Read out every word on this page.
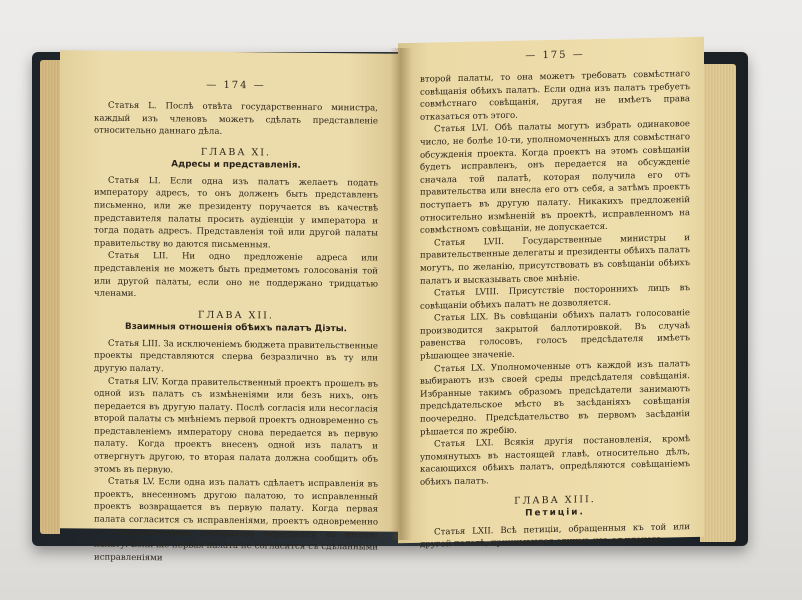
— 174 —

Статья L. Послѣ отвѣта государственнаго министра, каждый изъ членовъ можетъ сдѣлать представленіе относительно даннаго дѣла.

ГЛАВА XI.
Адресы и представленія.

Статья LI. Если одна изъ палатъ желаетъ подать императору адресъ, то онъ долженъ быть представленъ письменно, или же президенту поручается въ качествѣ представителя палаты просить аудіенціи у императора и тогда подать адресъ. Представленія той или другой палаты правительству во даются письменныя.

Статья LII. Ни одно предложеніе адреса или представленія не можетъ быть предметомъ голосованія той или другой палаты, если оно не поддержано тридцатью членами.

ГЛАВА XII.
Взаимныя отношенія обѣихъ палатъ Діэты.

Статья LIII. За исключеніемъ бюджета правительственные проекты представляются сперва безразлично въ ту или другую палату.

Статья LIV. Когда правительственный проектъ прошелъ въ одной изъ палатъ съ измѣненіями или безъ нихъ, онъ передается въ другую палату. Послѣ согласія или несогласія второй палаты съ мнѣніемъ первой проектъ одновременно съ представленіемъ императору снова передается въ первую палату. Когда проектъ внесенъ одной изъ палатъ и отвергнутъ другою, то вторая палата должна сообщить объ этомъ въ первую.

Статья LV. Если одна изъ палатъ сдѣлаетъ исправленія въ проектъ, внесенномъ другою палатою, то исправленный проектъ возвращается въ первую палату. Когда первая палата согласится съ исправленіями, проектъ одновременно съ представленіемъ императору передается во вторую палату. Если же первая палата не согласится съ сдѣланными исправленіями

— 175 —

второй палаты, то она можетъ требовать совмѣстнаго совѣщанія обѣихъ палатъ. Если одна изъ палатъ требуетъ совмѣстнаго совѣщанія, другая не имѣетъ права отказаться отъ этого.

Статья LVI. Обѣ палаты могутъ избрать одинаковое число, не болѣе 10-ти, уполномоченныхъ для совмѣстнаго обсужденія проекта. Когда проектъ на этомъ совѣщаніи будетъ исправленъ, онъ передается на обсужденіе сначала той палатѣ, которая получила его отъ правительства или внесла его отъ себя, а затѣмъ проектъ поступаетъ въ другую палату. Никакихъ предложеній относительно измѣненій въ проектѣ, исправленномъ на совмѣстномъ совѣщаніи, не допускается.

Статья LVII. Государственные министры и правительственные делегаты и президенты обѣихъ палатъ могутъ, по желанію, присутствовать въ совѣщаніи обѣихъ палатъ и высказывать свое мнѣніе.

Статья LVIII. Присутствіе постороннихъ лицъ въ совѣщаніи обѣихъ палатъ не дозволяется.

Статья LIX. Въ совѣщаніи обѣихъ палатъ голосованіе производится закрытой баллотировкой. Въ случаѣ равенства голосовъ, голосъ предсѣдателя имѣетъ рѣшающее значеніе.

Статья LX. Уполномоченные отъ каждой изъ палатъ выбираютъ изъ своей среды предсѣдателя совѣщанія. Избранные такимъ образомъ предсѣдатели занимаютъ предсѣдательское мѣсто въ засѣданіяхъ совѣщанія поочередно. Предсѣдательство въ первомъ засѣданіи рѣшается по жребію.

Статья LXI. Всякія другія постановленія, кромѣ упомянутыхъ въ настоящей главѣ, относительно дѣлъ, касающихся обѣихъ палатъ, опредѣляются совѣщаніемъ обѣихъ палатъ.

ГЛАВА XIII.
Петиціи.

Статья LXII. Всѣ петиціи, обращенныя къ той или другой палатѣ, принимаются однимъ изъ ея членовъ.
